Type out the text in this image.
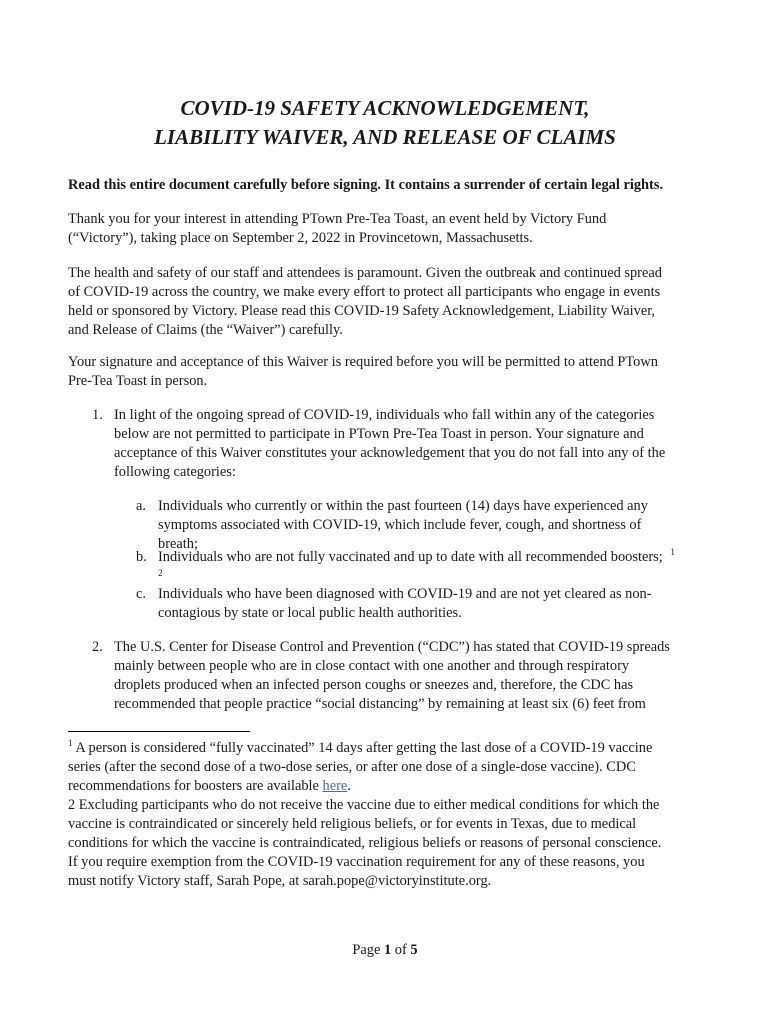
COVID-19 SAFETY ACKNOWLEDGEMENT,
LIABILITY WAIVER, AND RELEASE OF CLAIMS

Read this entire document carefully before signing. It contains a surrender of certain legal rights.

Thank you for your interest in attending PTown Pre-Tea Toast, an event held by Victory Fund
(“Victory”), taking place on September 2, 2022 in Provincetown, Massachusetts.

The health and safety of our staff and attendees is paramount. Given the outbreak and continued spread
of COVID-19 across the country, we make every effort to protect all participants who engage in events
held or sponsored by Victory. Please read this COVID-19 Safety Acknowledgement, Liability Waiver,
and Release of Claims (the “Waiver”) carefully.

Your signature and acceptance of this Waiver is required before you will be permitted to attend PTown
Pre-Tea Toast in person.

1. In light of the ongoing spread of COVID-19, individuals who fall within any of the categories
below are not permitted to participate in PTown Pre-Tea Toast in person. Your signature and
acceptance of this Waiver constitutes your acknowledgement that you do not fall into any of the
following categories:
a. Individuals who currently or within the past fourteen (14) days have experienced any
symptoms associated with COVID-19, which include fever, cough, and shortness of
breath;
b. Individuals who are not fully vaccinated and up to date with all recommended boosters; $^1$
2
c. Individuals who have been diagnosed with COVID-19 and are not yet cleared as non-
contagious by state or local public health authorities.
2. The U.S. Center for Disease Control and Prevention (“CDC”) has stated that COVID-19 spreads
mainly between people who are in close contact with one another and through respiratory
droplets produced when an infected person coughs or sneezes and, therefore, the CDC has
recommended that people practice “social distancing” by remaining at least six (6) feet from
$^1$ A person is considered “fully vaccinated” 14 days after getting the last dose of a COVID-19 vaccine
series (after the second dose of a two-dose series, or after one dose of a single-dose vaccine). CDC
recommendations for boosters are available here.
2 Excluding participants who do not receive the vaccine due to either medical conditions for which the
vaccine is contraindicated or sincerely held religious beliefs, or for events in Texas, due to medical
conditions for which the vaccine is contraindicated, religious beliefs or reasons of personal conscience.
If you require exemption from the COVID-19 vaccination requirement for any of these reasons, you
must notify Victory staff, Sarah Pope, at sarah.pope@victoryinstitute.org.
Page 1 of 5
